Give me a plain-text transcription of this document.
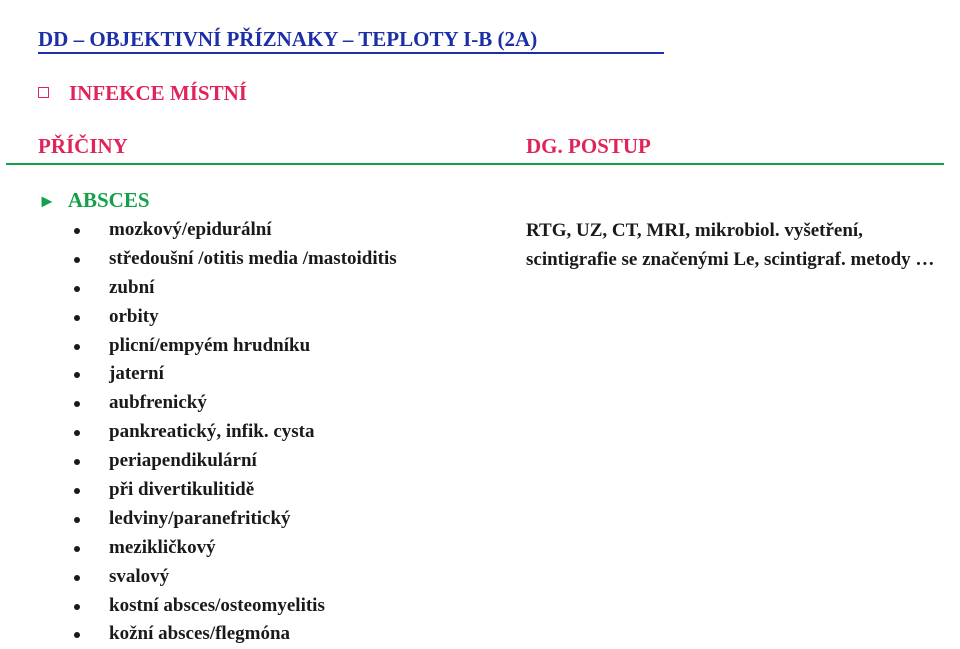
DD – OBJEKTIVNÍ PŘÍZNAKY – TEPLOTY I-B (2A)
INFEKCE MÍSTNÍ
PŘÍČINY	DG. POSTUP
► ABSCES
mozkový/epidurální
středoušní /otitis media /mastoiditis
zubní
orbity
plicní/empyém hrudníku
jaterní
aubfrenický
pankreatický, infik. cysta
periapendikulární
při divertikulitidě
ledviny/paranefritický
mezikličkový
svalový
kostní absces/osteomyelitis
kožní absces/flegmóna

RTG, UZ, CT, MRI, mikrobiol. vyšetření, scintigrafie se značenými Le, scintigraf. metody …
